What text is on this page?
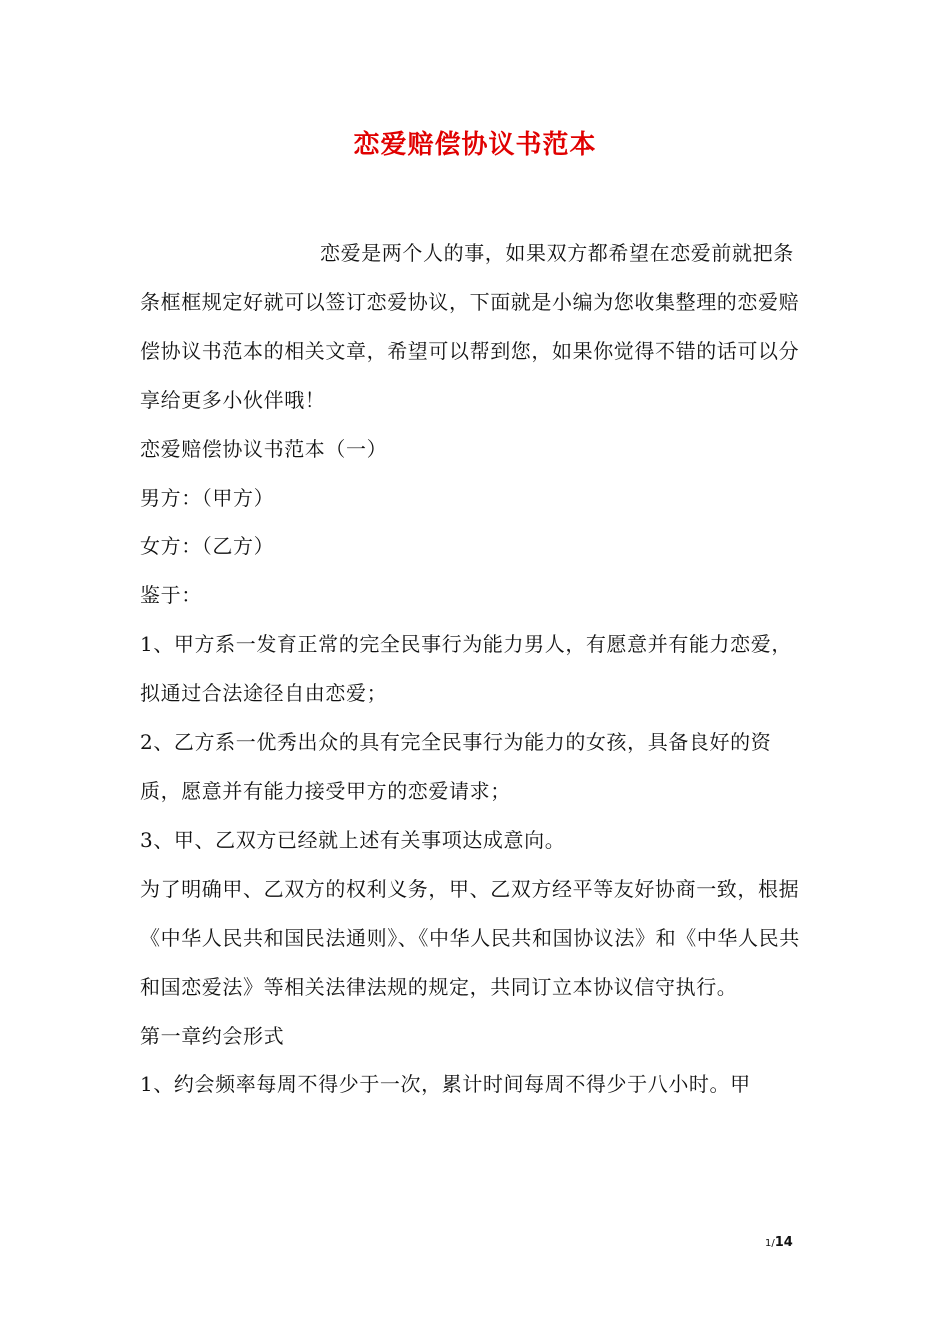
恋爱赔偿协议书范本

恋爱是两个人的事，如果双方都希望在恋爱前就把条条框框规定好就可以签订恋爱协议，下面就是小编为您收集整理的恋爱赔偿协议书范本的相关文章，希望可以帮到您，如果你觉得不错的话可以分享给更多小伙伴哦！

恋爱赔偿协议书范本（一）

男方：（甲方）

女方：（乙方）

鉴于：

1、甲方系一发育正常的完全民事行为能力男人，有愿意并有能力恋爱，拟通过合法途径自由恋爱；

2、乙方系一优秀出众的具有完全民事行为能力的女孩，具备良好的资质，愿意并有能力接受甲方的恋爱请求；

3、甲、乙双方已经就上述有关事项达成意向。

为了明确甲、乙双方的权利义务，甲、乙双方经平等友好协商一致，根据《中华人民共和国民法通则》、《中华人民共和国协议法》和《中华人民共和国恋爱法》等相关法律法规的规定，共同订立本协议信守执行。

第一章约会形式

1、约会频率每周不得少于一次，累计时间每周不得少于八小时。甲

1/14
